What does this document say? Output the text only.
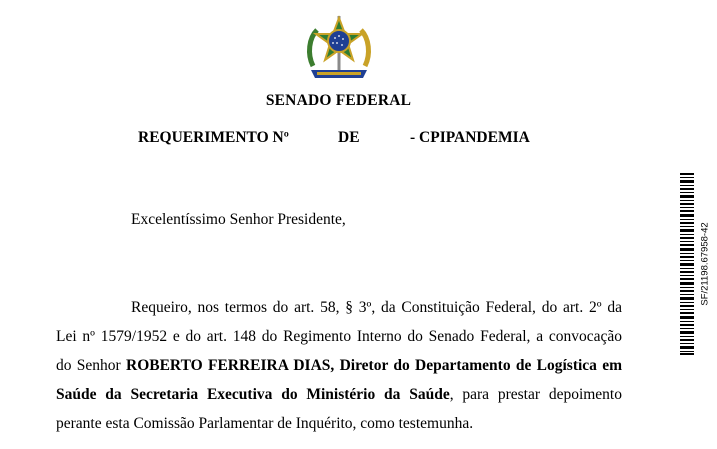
SENADO FEDERAL
REQUERIMENTO Nº	DE	- CPIPANDEMIA
Excelentíssimo Senhor Presidente,
Requeiro, nos termos do art. 58, § 3º, da Constituição Federal, do art. 2º da
Lei nº 1579/1952 e do art. 148 do Regimento Interno do Senado Federal, a convocação
do Senhor ROBERTO FERREIRA DIAS, Diretor do Departamento de Logística em
Saúde da Secretaria Executiva do Ministério da Saúde, para prestar depoimento
perante esta Comissão Parlamentar de Inquérito, como testemunha.
SF/21198.67958-42
